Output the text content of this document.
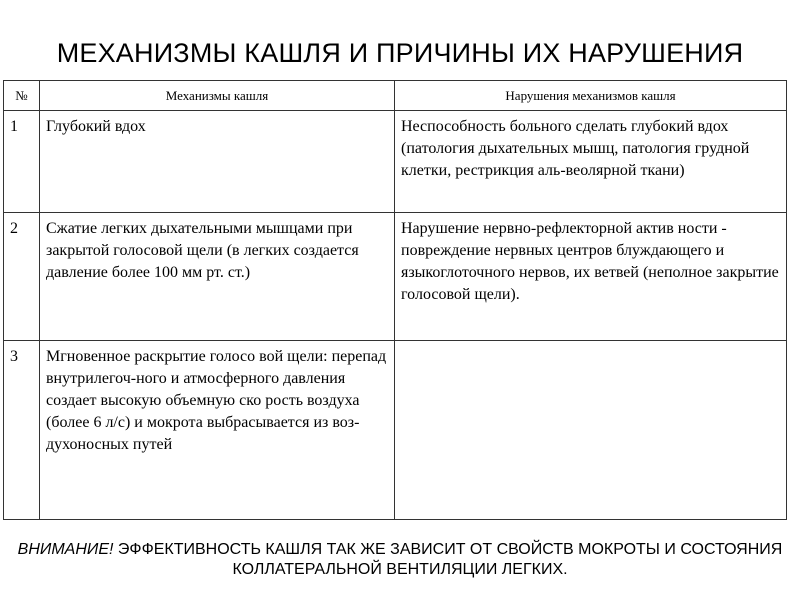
МЕХАНИЗМЫ КАШЛЯ И ПРИЧИНЫ ИХ НАРУШЕНИЯ
№	Механизмы кашля	Нарушения механизмов кашля
1	Глубокий вдох	Неспособность больного сделать глубокий вдох (патология дыхательных мышц, патология грудной клетки, рестрикция аль-веолярной ткани)
2	Сжатие легких дыхательными мышцами при закрытой голосовой щели (в легких создается давление более 100 мм рт. ст.)	Нарушение нервно-рефлекторной актив ности - повреждение нервных центров блуждающего и языкоглоточного нервов, их ветвей (неполное закрытие голосовой щели).
3	Мгновенное раскрытие голосо вой щели: перепад внутрилегоч-ного и атмосферного давления создает высокую объемную ско рость воздуха (более 6 л/с) и мокрота выбрасывается из воз-духоносных путей	
ВНИМАНИЕ! ЭФФЕКТИВНОСТЬ КАШЛЯ ТАК ЖЕ ЗАВИСИТ ОТ СВОЙСТВ МОКРОТЫ И СОСТОЯНИЯ КОЛЛАТЕРАЛЬНОЙ ВЕНТИЛЯЦИИ ЛЕГКИХ.
